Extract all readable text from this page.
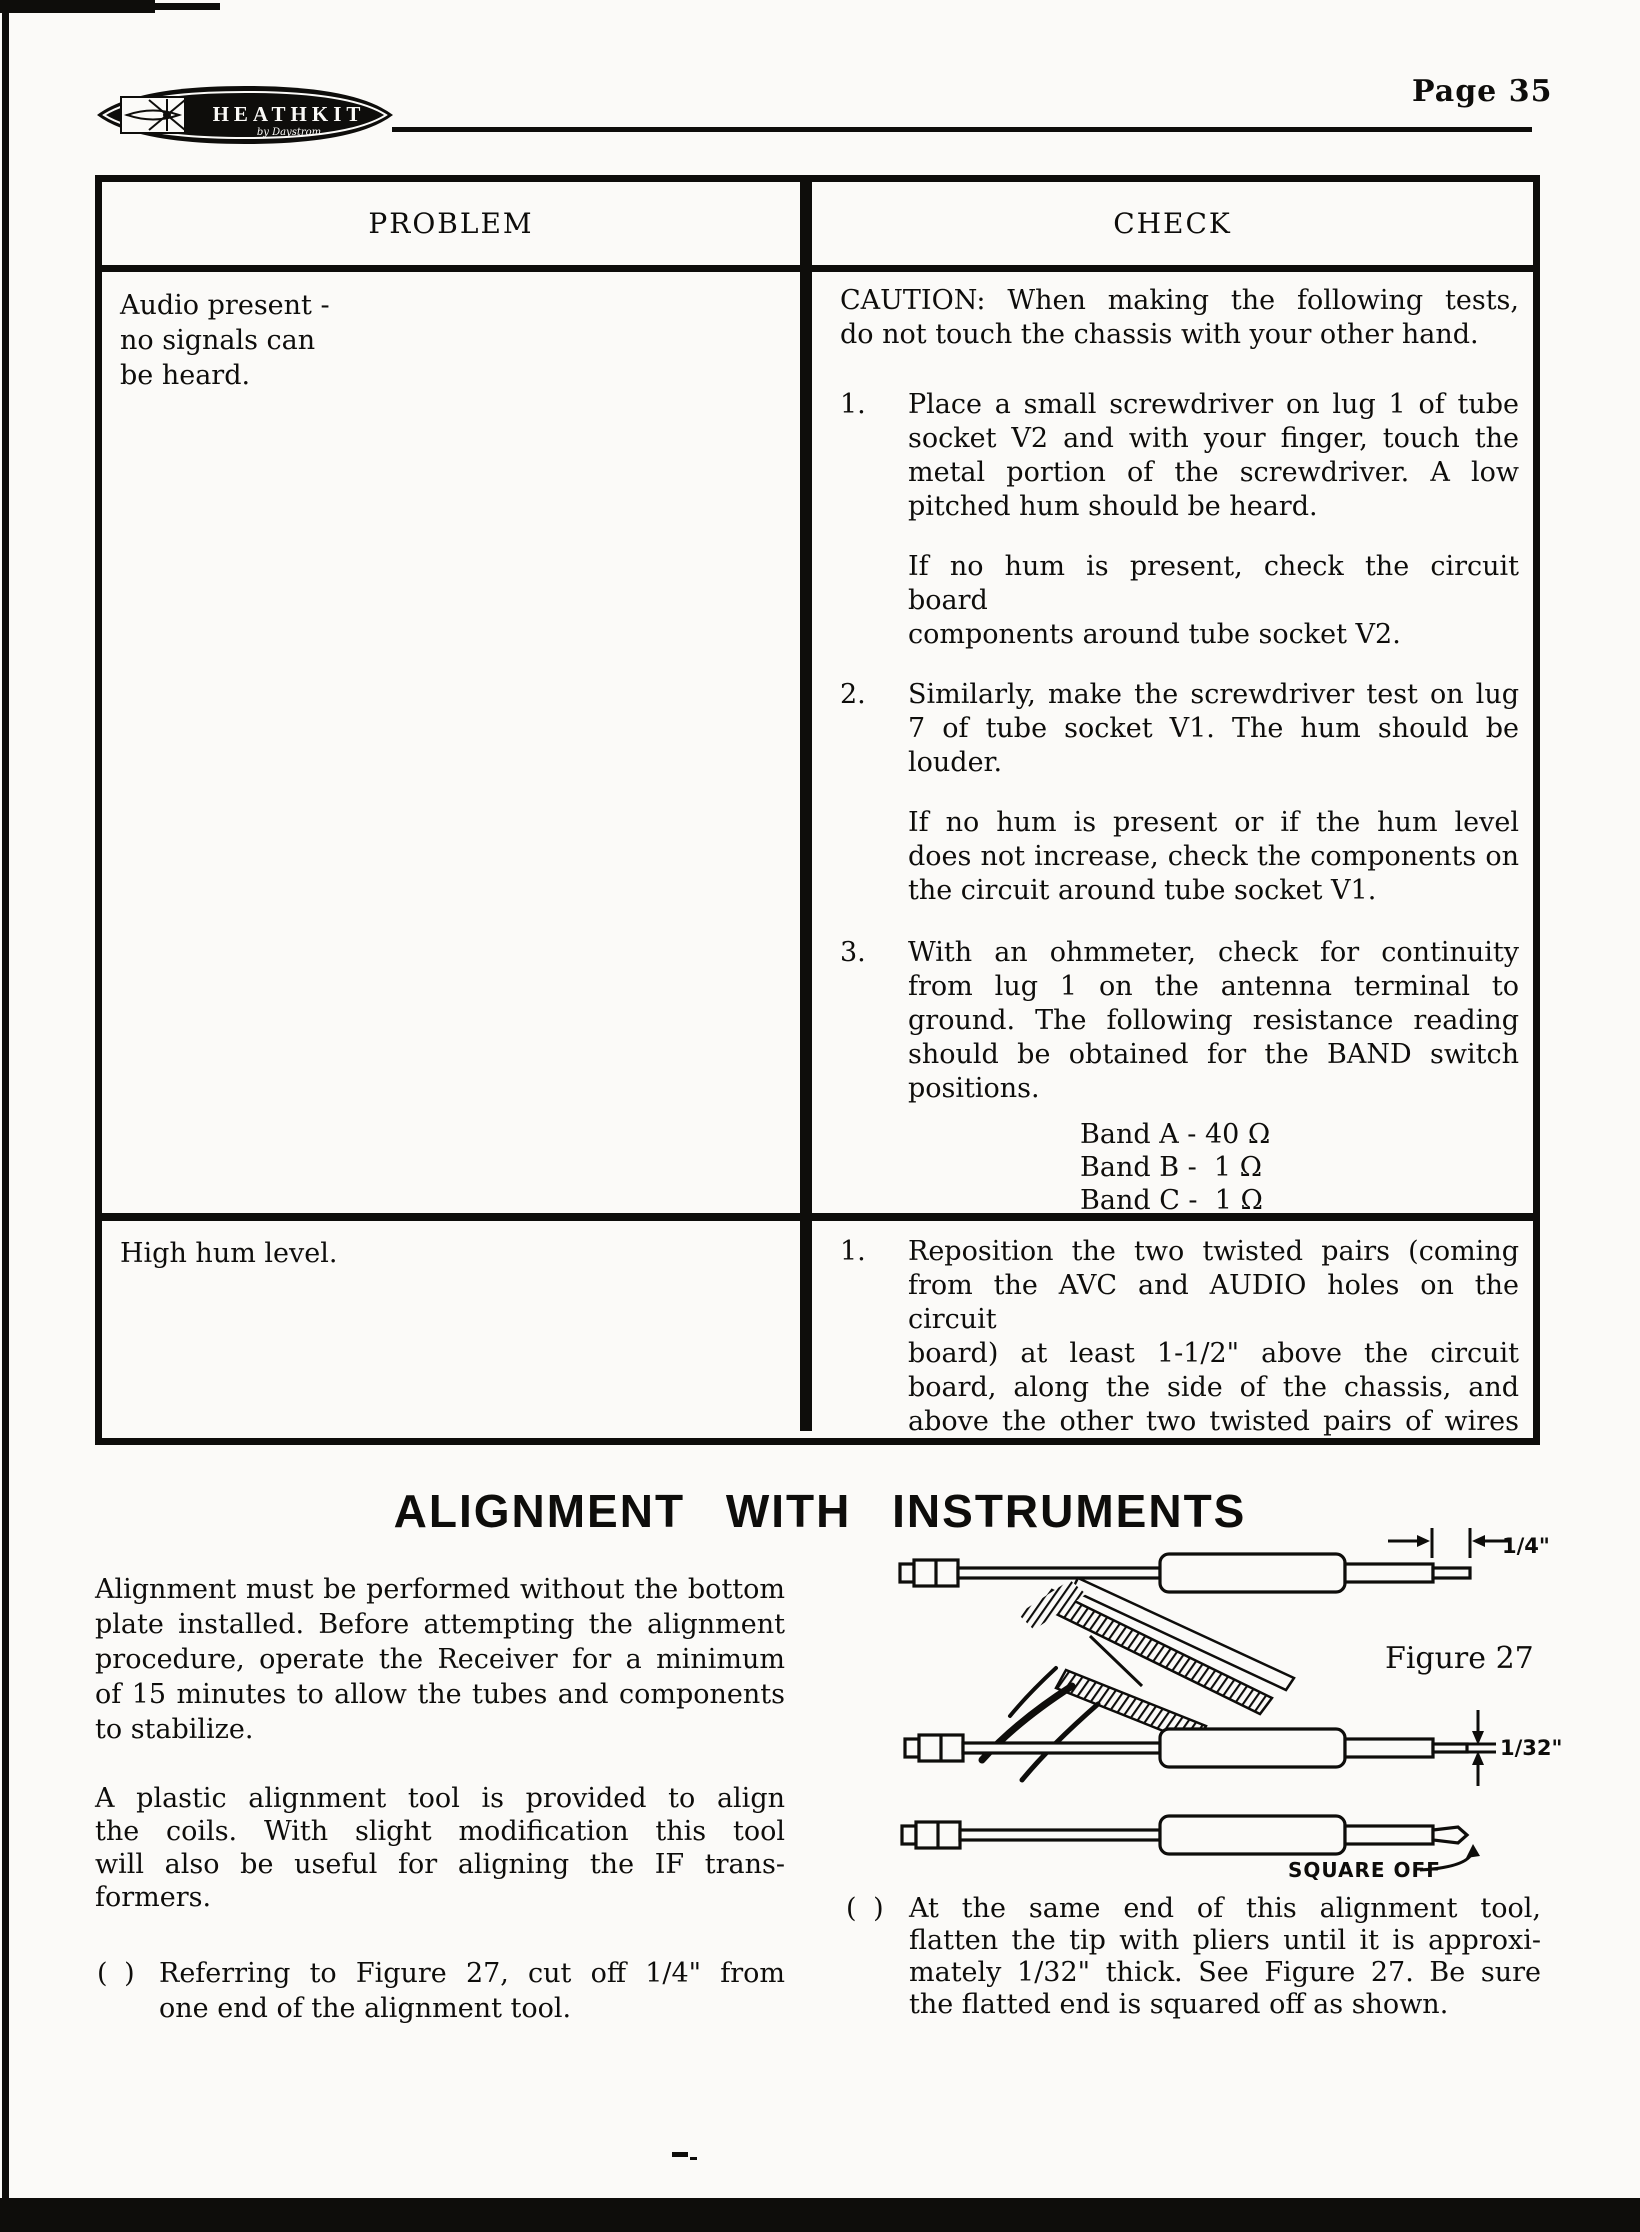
HEATHKIT
by Daystrom
Page 35
PROBLEM	CHECK
Audio present -
no signals can
be heard.
CAUTION: When making the following tests,
do not touch the chassis with your other hand.
1. Place a small screwdriver on lug 1 of tube
socket V2 and with your finger, touch the
metal portion of the screwdriver. A low
pitched hum should be heard.
If no hum is present, check the circuit board
components around tube socket V2.
2. Similarly, make the screwdriver test on lug
7 of tube socket V1. The hum should be
louder.
If no hum is present or if the hum level
does not increase, check the components on
the circuit around tube socket V1.
3. With an ohmmeter, check for continuity
from lug 1 on the antenna terminal to
ground. The following resistance reading
should be obtained for the BAND switch
positions.
Band A - 40 Ω
Band B -  1 Ω
Band C -  1 Ω
High hum level.	1. Reposition the two twisted pairs (coming
from the AVC and AUDIO holes on the circuit
board) at least 1-1/2" above the circuit
board, along the side of the chassis, and
above the other two twisted pairs of wires
ALIGNMENT WITH INSTRUMENTS
Alignment must be performed without the bottom
plate installed. Before attempting the alignment
procedure, operate the Receiver for a minimum
of 15 minutes to allow the tubes and components
to stabilize.
A plastic alignment tool is provided to align
the coils. With slight modification this tool
will also be useful for aligning the IF trans-
formers.
( ) Referring to Figure 27, cut off 1/4" from
one end of the alignment tool.
( ) At the same end of this alignment tool,
flatten the tip with pliers until it is approxi-
mately 1/32" thick. See Figure 27. Be sure
the flatted end is squared off as shown.
Figure 27
1/4"
1/32"
SQUARE OFF
